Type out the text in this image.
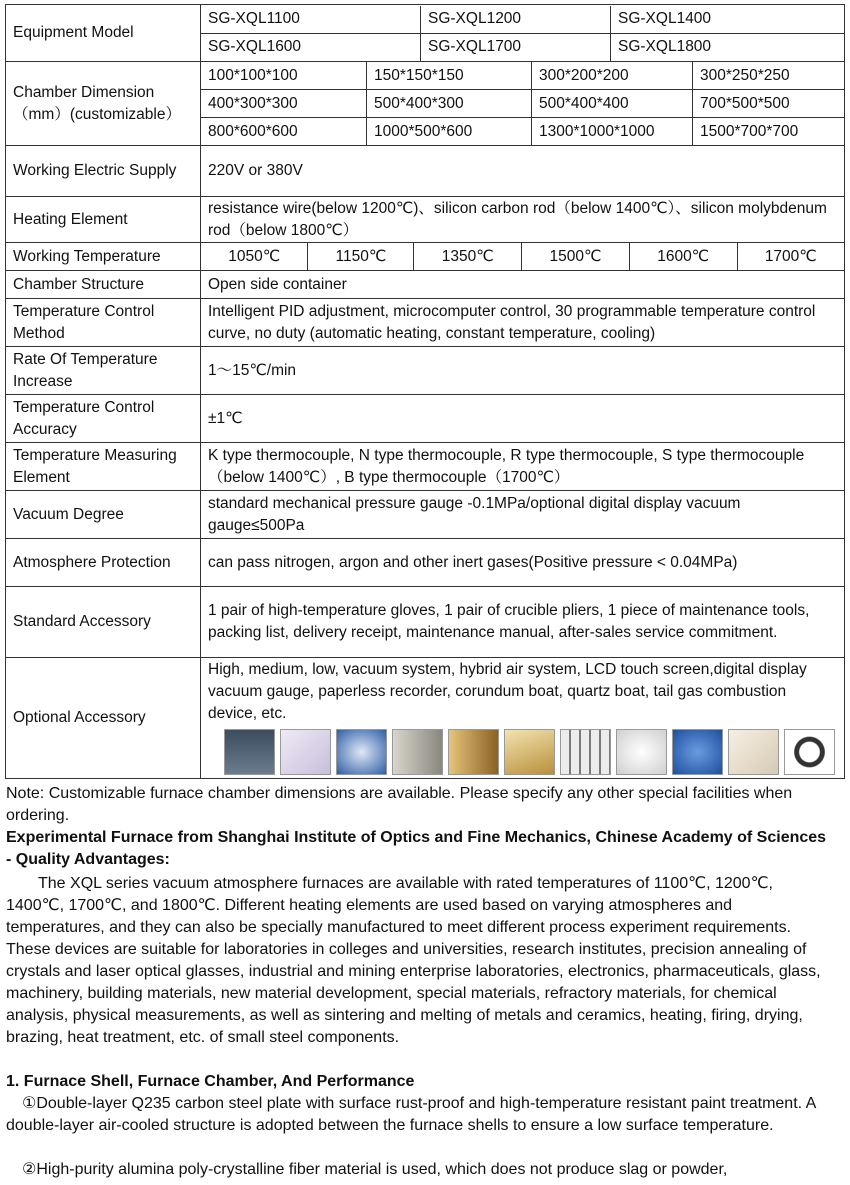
Equipment Model	
SG-XQL1100	SG-XQL1200	SG-XQL1400
SG-XQL1600	SG-XQL1700	SG-XQL1800

Chamber Dimension （mm）(customizable）	
100*100*100	150*150*150	300*200*200	300*250*250
400*300*300	500*400*300	500*400*400	700*500*500
800*600*600	1000*500*600	1300*1000*1000	1500*700*700

Working Electric Supply	220V or 380V
Heating Element	resistance wire(below 1200℃)、silicon carbon rod（below 1400℃）、silicon molybdenum rod（below 1800℃）
Working Temperature		1050℃	1150℃	1350℃	1500℃	1600℃	1700℃

Chamber Structure	Open side container
Temperature Control Method	Intelligent PID adjustment, microcomputer control, 30 programmable temperature control curve, no duty (automatic heating, constant temperature, cooling)
Rate Of Temperature Increase	1～15℃/min
Temperature Control Accuracy	±1℃
Temperature Measuring Element	K type thermocouple, N type thermocouple, R type thermocouple, S type thermocouple（below 1400℃）, B type thermocouple（1700℃）
Vacuum Degree	standard mechanical pressure gauge -0.1MPa/optional digital display vacuum gauge≤500Pa
Atmosphere Protection	can pass nitrogen, argon and other inert gases(Positive pressure < 0.04MPa)
Standard Accessory	1 pair of high-temperature gloves, 1 pair of crucible pliers, 1 piece of maintenance tools, packing list, delivery receipt, maintenance manual, after-sales service commitment.
Optional Accessory	
High, medium, low, vacuum system, hybrid air system, LCD touch screen,digital display vacuum gauge, paperless recorder, corundum boat, quartz boat, tail gas combustion device, etc.
Note: Customizable furnace chamber dimensions are available. Please specify any other special facilities when ordering.
Experimental Furnace from Shanghai Institute of Optics and Fine Mechanics, Chinese Academy of Sciences - Quality Advantages:
The XQL series vacuum atmosphere furnaces are available with rated temperatures of 1100℃, 1200℃, 1400℃, 1700℃, and 1800℃. Different heating elements are used based on varying atmospheres and temperatures, and they can also be specially manufactured to meet different process experiment requirements. These devices are suitable for laboratories in colleges and universities, research institutes, precision annealing of crystals and laser optical glasses, industrial and mining enterprise laboratories, electronics, pharmaceuticals, glass, machinery, building materials, new material development, special materials, refractory materials, for chemical analysis, physical measurements, as well as sintering and melting of metals and ceramics, heating, firing, drying, brazing, heat treatment, etc. of small steel components.
1. Furnace Shell, Furnace Chamber, And Performance
①Double-layer Q235 carbon steel plate with surface rust-proof and high-temperature resistant paint treatment. A double-layer air-cooled structure is adopted between the furnace shells to ensure a low surface temperature.
②High-purity alumina poly-crystalline fiber material is used, which does not produce slag or powder,
